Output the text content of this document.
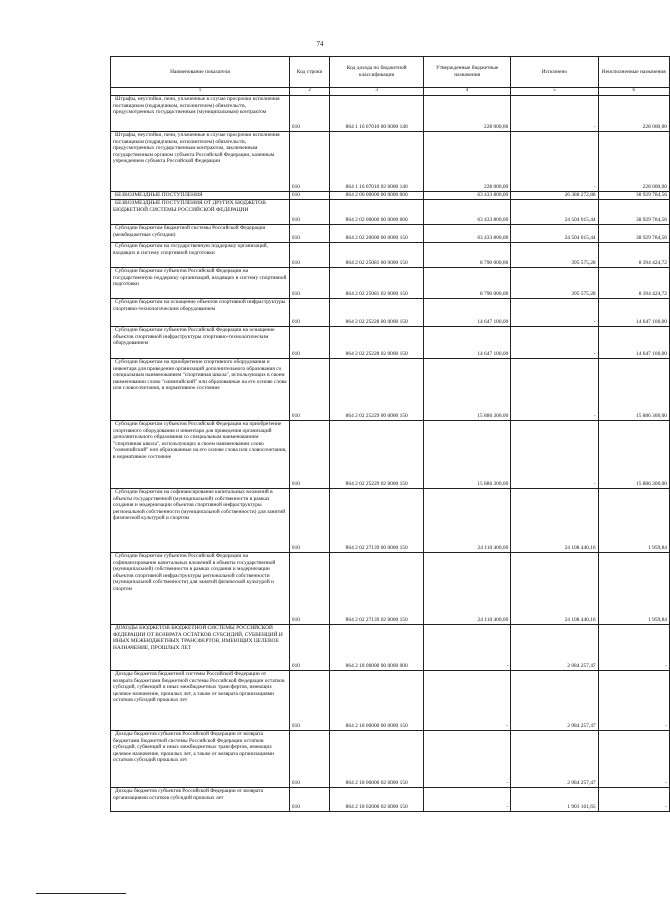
74
Наименование показателя	Код строки	Код дохода по бюджетной классификации	Утвержденные бюджетные назначения	Исполнено	Неисполненные назначения
1	2	3	4	5	6
Штрафы, неустойки, пени, уплаченные в случае просрочки исполнения поставщиком (подрядчиком, исполнителем) обязательств, предусмотренных государственным (муниципальным) контрактом	010	864 1 16 07010 00 0000 140	228 000,00	-	228 000,00
Штрафы, неустойки, пени, уплаченные в случае просрочки исполнения поставщиком (подрядчиком, исполнителем) обязательств, предусмотренных государственным контрактом, заключенным государственным органом субъекта Российской Федерации, казенным учреждением субъекта Российской Федерации	010	864 1 16 07010 02 0000 140	228 000,00	-	228 000,00
БЕЗВОЗМЕЗДНЫЕ ПОСТУПЛЕНИЯ	010	864 2 00 00000 00 0000 000	63 433 800,00	26 388 272,88	38 929 784,56
БЕЗВОЗМЕЗДНЫЕ ПОСТУПЛЕНИЯ ОТ ДРУГИХ БЮДЖЕТОВ БЮДЖЕТНОЙ СИСТЕМЫ РОССИЙСКОЙ ФЕДЕРАЦИИ	010	864 2 02 00000 00 0000 000	63 433 800,00	24 504 015,44	38 929 784,56
Субсидии бюджетам бюджетной системы Российской Федерации (межбюджетные субсидии)	010	864 2 02 20000 00 0000 150	63 433 800,00	24 504 015,44	38 929 784,56
Субсидии бюджетам на государственную поддержку организаций, входящих в систему спортивной подготовки	010	864 2 02 25081 00 0000 150	8 790 000,00	395 575,28	8 394 424,72
Субсидии бюджетам субъектов Российской Федерации на государственную поддержку организаций, входящих в систему спортивной подготовки	010	864 2 02 25081 02 0000 150	8 790 000,00	395 575,28	8 394 424,72
Субсидии бюджетам на оснащение объектов спортивной инфраструктуры спортивно-технологическим оборудованием	010	864 2 02 25228 00 0000 150	14 647 100,00	-	14 647 100,00
Субсидии бюджетам субъектов Российской Федерации на оснащение объектов спортивной инфраструктуры спортивно-технологическим оборудованием	010	864 2 02 25228 02 0000 150	14 647 100,00	-	14 647 100,00
Субсидии бюджетам на приобретение спортивного оборудования и инвентаря для приведения организаций дополнительного образования со специальным наименованием "спортивная школа", использующих в своем наименовании слово "олимпийский" или образованные на его основе слова или словосочетания, в нормативное состояние	010	864 2 02 25229 00 0000 150	15 886 300,00	-	15 886 300,00
Субсидии бюджетам субъектов Российской Федерации на приобретение спортивного оборудования и инвентаря для приведения организаций дополнительного образования со специальным наименованием "спортивная школа", использующих в своем наименовании слово "олимпийский" или образованные на его основе слова или словосочетания, в нормативное состояние	010	864 2 02 25229 02 0000 150	15 886 300,00	-	15 886 300,00
Субсидии бюджетам на софинансирование капитальных вложений в объекты государственной (муниципальной) собственности в рамках создания и модернизации объектов спортивной инфраструктуры региональной собственности (муниципальной собственности) для занятий физической культурой и спортом	010	864 2 02 27139 00 0000 150	24 110 400,00	24 108 440,16	1 959,84
Субсидии бюджетам субъектов Российской Федерации на софинансирование капитальных вложений в объекты государственной (муниципальной) собственности в рамках создания и модернизации объектов спортивной инфраструктуры региональной собственности (муниципальной собственности) для занятий физической культурой и спортом	010	864 2 02 27139 02 0000 150	24 110 400,00	24 108 440,16	1 959,84
ДОХОДЫ БЮДЖЕТОВ БЮДЖЕТНОЙ СИСТЕМЫ РОССИЙСКОЙ ФЕДЕРАЦИИ ОТ ВОЗВРАТА ОСТАТКОВ СУБСИДИЙ, СУБВЕНЦИЙ И ИНЫХ МЕЖБЮДЖЕТНЫХ ТРАНСФЕРТОВ, ИМЕЮЩИХ ЦЕЛЕВОЕ НАЗНАЧЕНИЕ, ПРОШЛЫХ ЛЕТ	010	864 2 18 00000 00 0000 000	-	2 084 257,47	-
Доходы бюджетов бюджетной системы Российской Федерации от возврата бюджетами бюджетной системы Российской Федерации остатков субсидий, субвенций и иных межбюджетных трансфертов, имеющих целевое назначение, прошлых лет, а также от возврата организациями остатков субсидий прошлых лет	010	864 2 18 00000 00 0000 150	-	2 084 257,47	-
Доходы бюджетов субъектов Российской Федерации от возврата бюджетами бюджетной системы Российской Федерации остатков субсидий, субвенций и иных межбюджетных трансфертов, имеющих целевое назначение, прошлых лет, а также от возврата организациями остатков субсидий прошлых лет	010	864 2 18 00000 02 0000 150	-	2 084 257,47	-
Доходы бюджетов субъектов Российской Федерации от возврата организациями остатков субсидий прошлых лет	010	864 2 18 02000 02 0000 150	-	1 901 161,65	-
